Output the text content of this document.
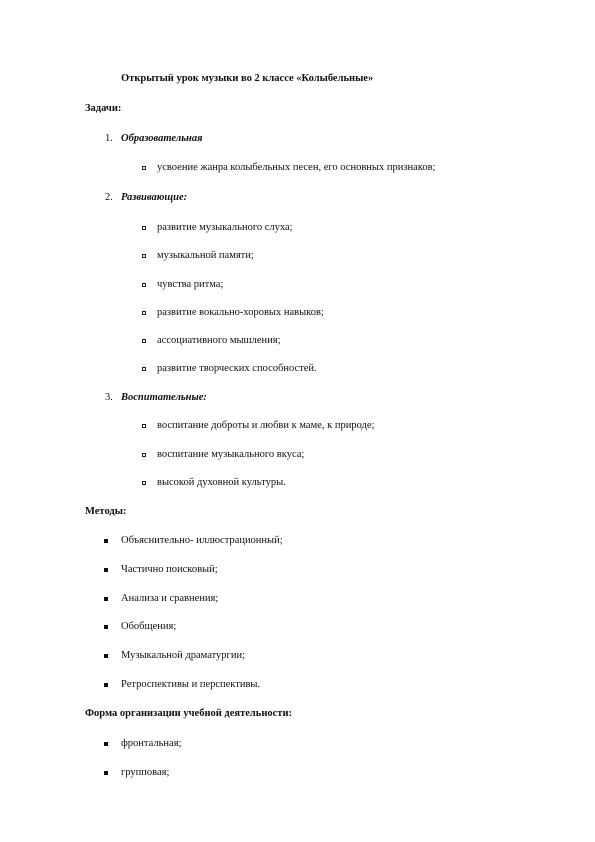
Открытый урок музыки во 2 классе «Колыбельные»
Задачи:
1. Образовательная
усвоение жанра колыбельных песен, его основных признаков;
2. Развивающие:
развитие музыкального слуха;
музыкальной памяти;
чувства ритма;
развитие вокально-хоровых навыков;
ассоциативного мышления;
развитие творческих способностей.
3. Воспитательные:
воспитание доброты и любви к маме, к природе;
воспитание музыкального вкуса;
высокой духовной культуры.
Методы:
Объяснительно- иллюстрационный;
Частично поисковый;
Анализа и сравнения;
Обобщения;
Музыкальной драматургии;
Ретроспективы и перспективы.
Форма организации учебной деятельности:
фронтальная;
групповая;
